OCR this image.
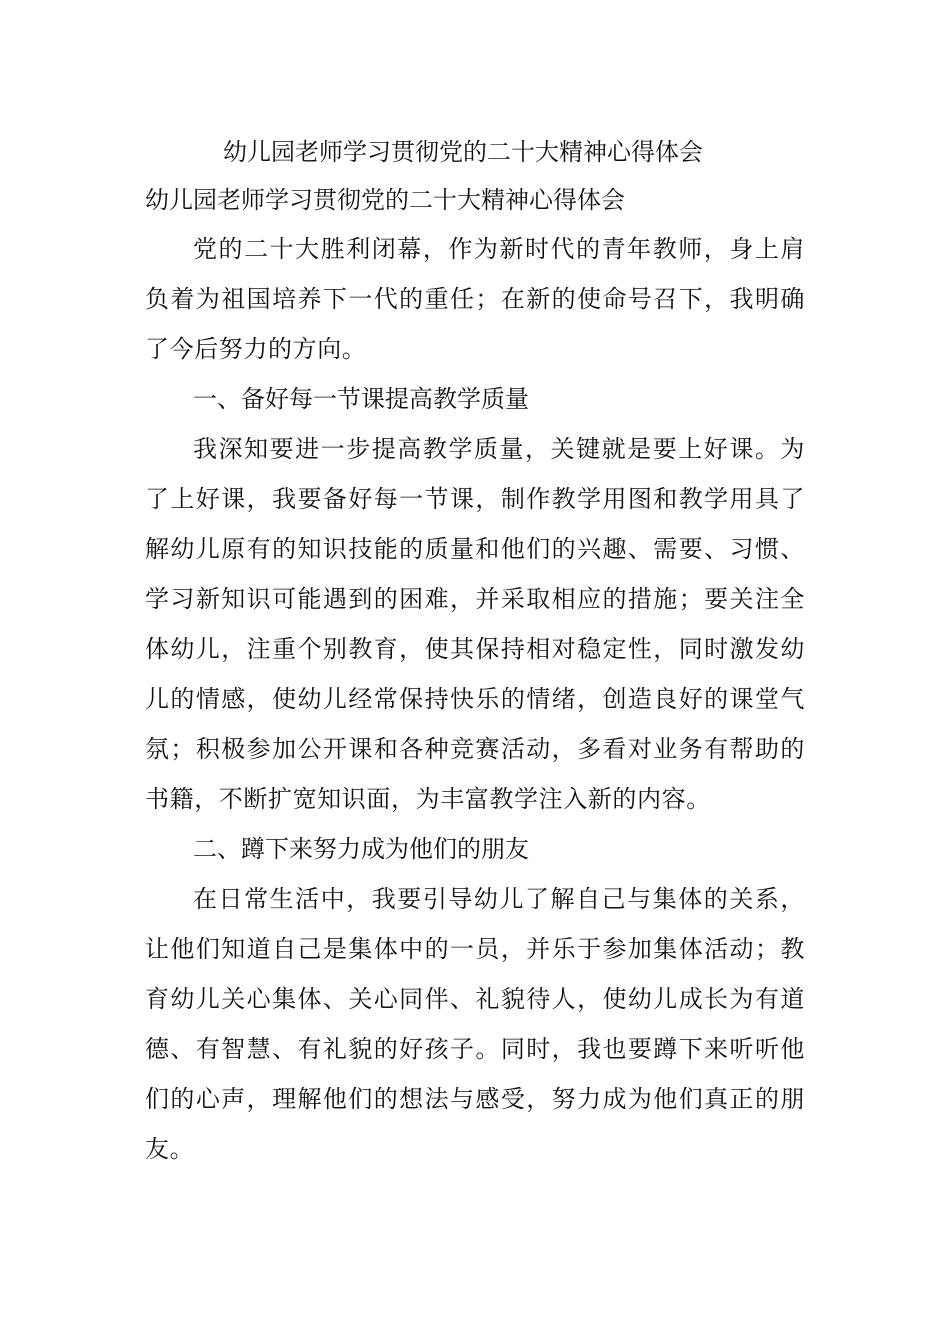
幼儿园老师学习贯彻党的二十大精神心得体会

幼儿园老师学习贯彻党的二十大精神心得体会

党的二十大胜利闭幕，作为新时代的青年教师，身上肩负着为祖国培养下一代的重任；在新的使命号召下，我明确了今后努力的方向。

一、备好每一节课提高教学质量

我深知要进一步提高教学质量，关键就是要上好课。为了上好课，我要备好每一节课，制作教学用图和教学用具了解幼儿原有的知识技能的质量和他们的兴趣、需要、习惯、学习新知识可能遇到的困难，并采取相应的措施；要关注全体幼儿，注重个别教育，使其保持相对稳定性，同时激发幼儿的情感，使幼儿经常保持快乐的情绪，创造良好的课堂气氛；积极参加公开课和各种竞赛活动，多看对业务有帮助的书籍，不断扩宽知识面，为丰富教学注入新的内容。

二、蹲下来努力成为他们的朋友

在日常生活中，我要引导幼儿了解自己与集体的关系，让他们知道自己是集体中的一员，并乐于参加集体活动；教育幼儿关心集体、关心同伴、礼貌待人，使幼儿成长为有道德、有智慧、有礼貌的好孩子。同时，我也要蹲下来听听他们的心声，理解他们的想法与感受，努力成为他们真正的朋友。
